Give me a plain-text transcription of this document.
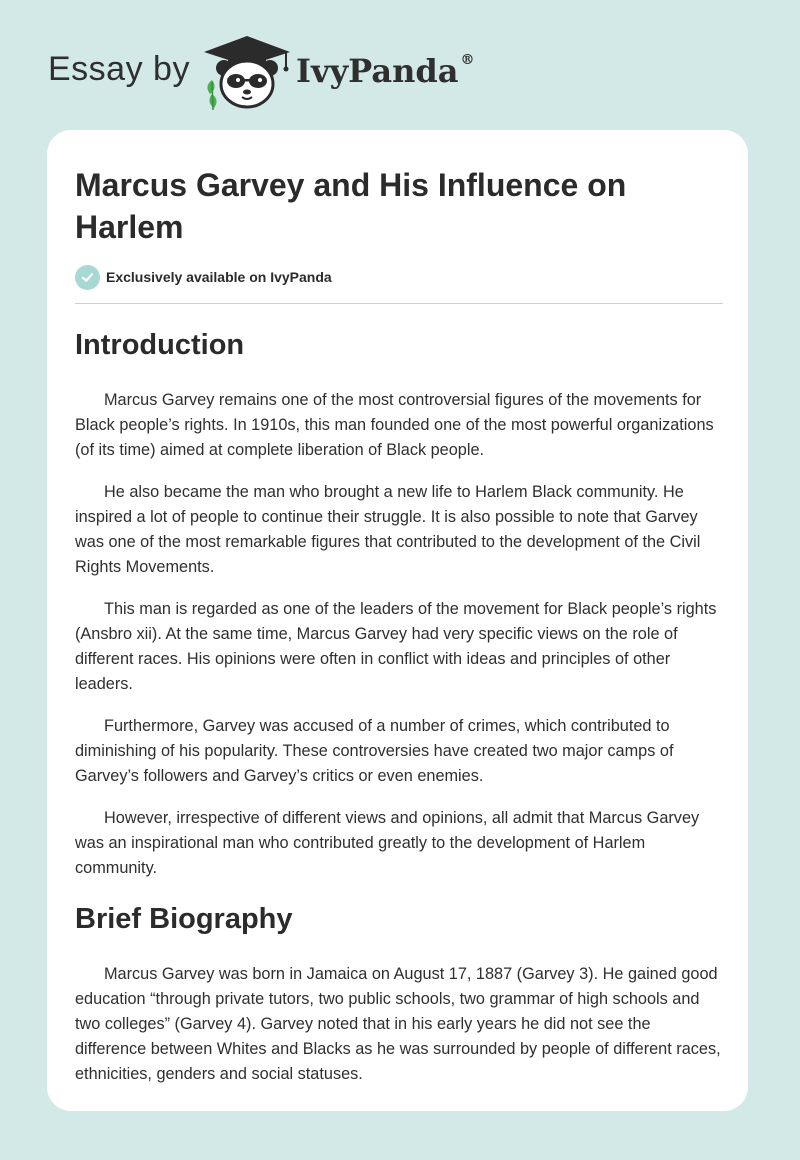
Essay by	IvyPanda ®
Marcus Garvey and His Influence on Harlem
Exclusively available on IvyPanda
Introduction

Marcus Garvey remains one of the most controversial figures of the movements for Black people’s rights. In 1910s, this man founded one of the most powerful organizations (of its time) aimed at complete liberation of Black people.

He also became the man who brought a new life to Harlem Black community. He inspired a lot of people to continue their struggle. It is also possible to note that Garvey was one of the most remarkable figures that contributed to the development of the Civil Rights Movements.

This man is regarded as one of the leaders of the movement for Black people’s rights (Ansbro xii). At the same time, Marcus Garvey had very specific views on the role of different races. His opinions were often in conflict with ideas and principles of other leaders.

Furthermore, Garvey was accused of a number of crimes, which contributed to diminishing of his popularity. These controversies have created two major camps of Garvey’s followers and Garvey’s critics or even enemies.

However, irrespective of different views and opinions, all admit that Marcus Garvey was an inspirational man who contributed greatly to the development of Harlem community.

Brief Biography

Marcus Garvey was born in Jamaica on August 17, 1887 (Garvey 3). He gained good education “through private tutors, two public schools, two grammar of high schools and two colleges” (Garvey 4). Garvey noted that in his early years he did not see the difference between Whites and Blacks as he was surrounded by people of different races, ethnicities, genders and social statuses.
